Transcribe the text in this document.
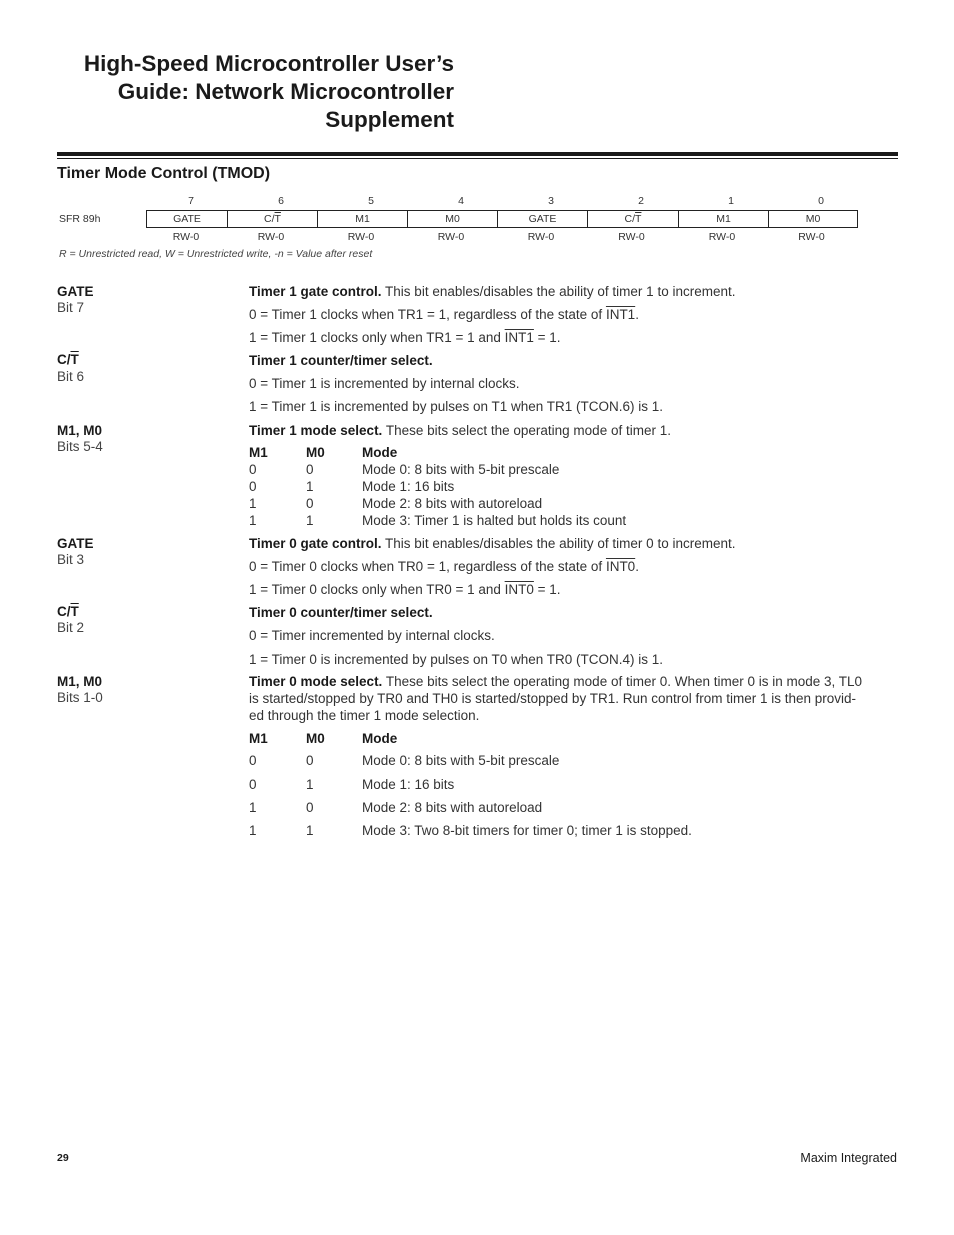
High-Speed Microcontroller User’s
Guide: Network Microcontroller
Supplement
Timer Mode Control (TMOD)
7	6	5	4	3	2	1	0
SFR 89h	GATE	C/ $\overline{T}$	M1	M0	GATE	C/ $\overline{T}$	M1	M0
RW-0	RW-0	RW-0	RW-0	RW-0	RW-0	RW-0	RW-0
R = Unrestricted read, W = Unrestricted write, -n = Value after reset
GATE
Bit 7
Timer 1 gate control. This bit enables/disables the ability of timer 1 to increment.
0 = Timer 1 clocks when TR1 = 1, regardless of the state of INT1.
1 = Timer 1 clocks only when TR1 = 1 and INT1 = 1.
$C/\overline{T}$
Bit 6
Timer 1 counter/timer select.
0 = Timer 1 is incremented by internal clocks.
1 = Timer 1 is incremented by pulses on T1 when TR1 (TCON.6) is 1.
M1, M0
Bits 5-4
Timer 1 mode select. These bits select the operating mode of timer 1.
M1	M0	Mode
0	0	Mode 0: 8 bits with 5-bit prescale
0	1	Mode 1: 16 bits
1	0	Mode 2: 8 bits with autoreload
1	1	Mode 3: Timer 1 is halted but holds its count
GATE
Bit 3
Timer 0 gate control. This bit enables/disables the ability of timer 0 to increment.
0 = Timer 0 clocks when TR0 = 1, regardless of the state of INT0.
1 = Timer 0 clocks only when TR0 = 1 and INT0 = 1.
$C/\overline{T}$
Bit 2
Timer 0 counter/timer select.
0 = Timer incremented by internal clocks.
1 = Timer 0 is incremented by pulses on T0 when TR0 (TCON.4) is 1.
M1, M0
Bits 1-0
Timer 0 mode select. These bits select the operating mode of timer 0. When timer 0 is in mode 3, TL0
is started/stopped by TR0 and TH0 is started/stopped by TR1. Run control from timer 1 is then provid-
ed through the timer 1 mode selection.
M1	M0	Mode
0	0	Mode 0: 8 bits with 5-bit prescale
0	1	Mode 1: 16 bits
1	0	Mode 2: 8 bits with autoreload
1	1	Mode 3: Two 8-bit timers for timer 0; timer 1 is stopped.
29	Maxim Integrated
